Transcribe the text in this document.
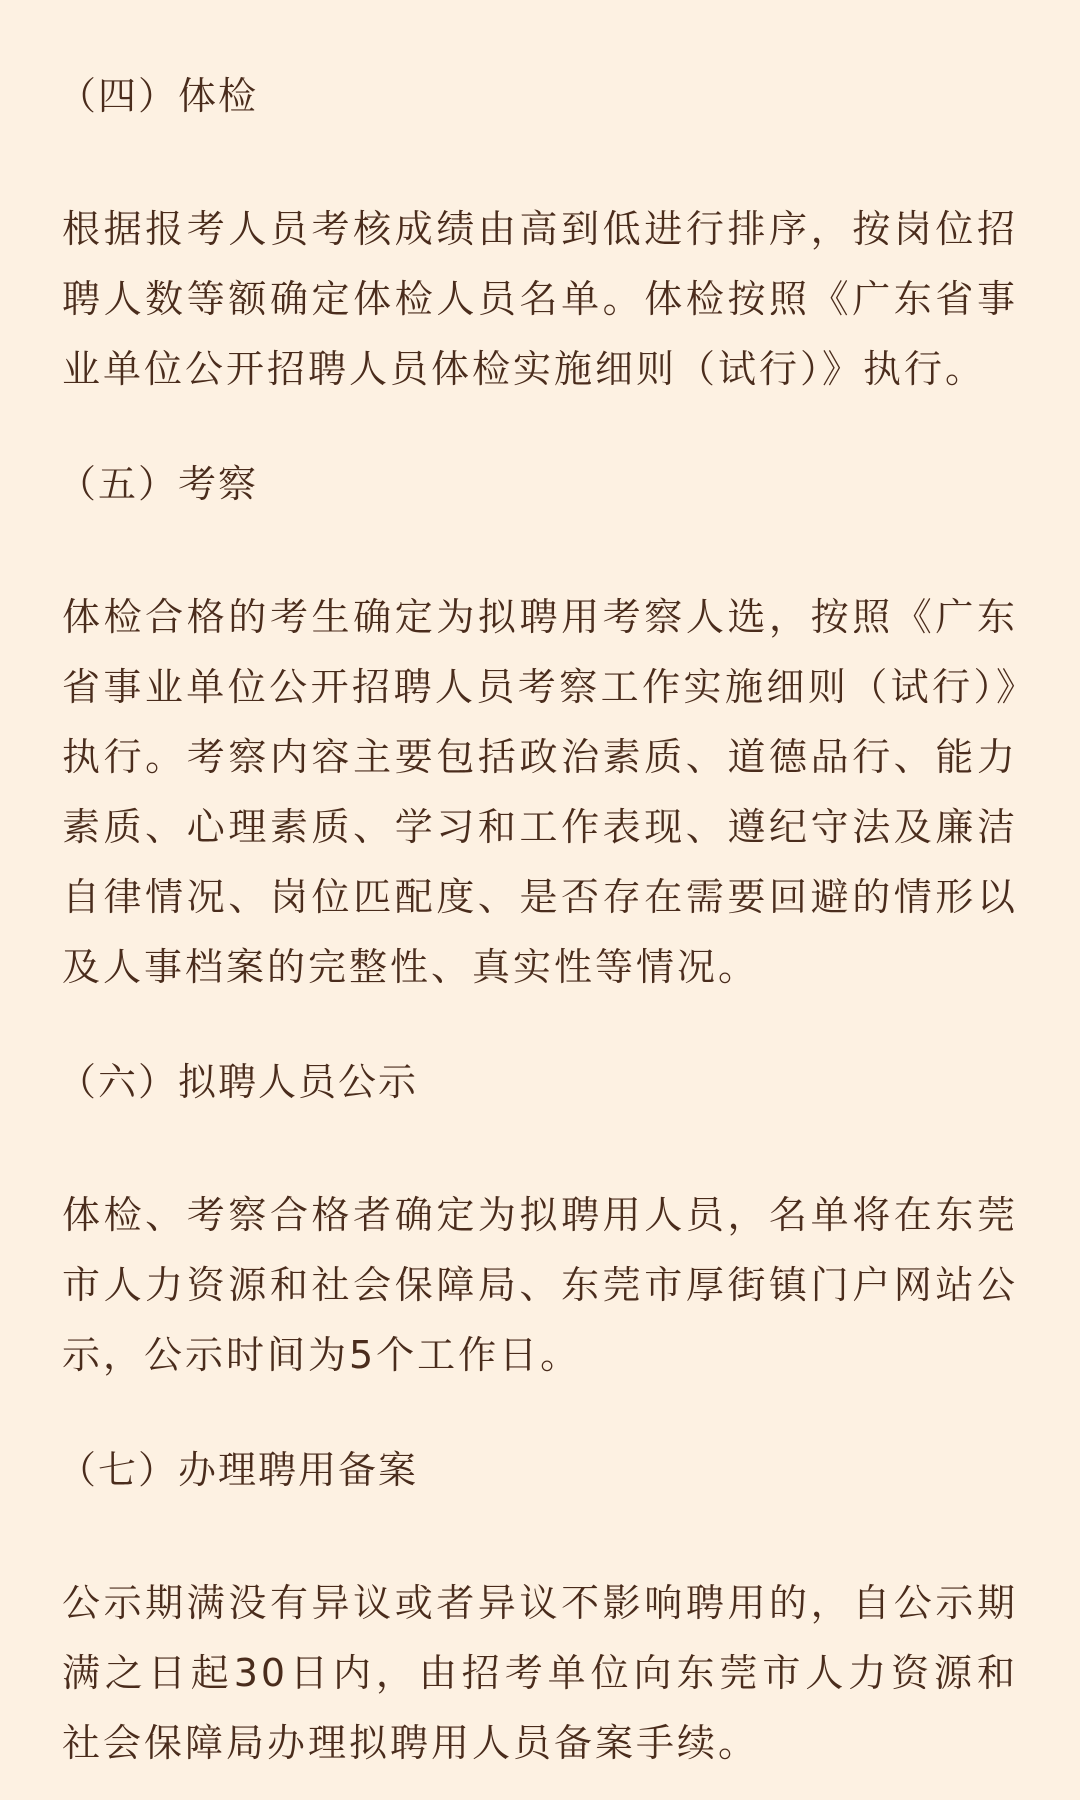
（四）体检

根据报考人员考核成绩由高到低进行排序，按岗位招聘人数等额确定体检人员名单。体检按照《广东省事业单位公开招聘人员体检实施细则（试行）》执行。

（五）考察

体检合格的考生确定为拟聘用考察人选，按照《广东省事业单位公开招聘人员考察工作实施细则（试行）》执行。考察内容主要包括政治素质、道德品行、能力素质、心理素质、学习和工作表现、遵纪守法及廉洁自律情况、岗位匹配度、是否存在需要回避的情形以及人事档案的完整性、真实性等情况。

（六）拟聘人员公示

体检、考察合格者确定为拟聘用人员，名单将在东莞市人力资源和社会保障局、东莞市厚街镇门户网站公示，公示时间为5个工作日。

（七）办理聘用备案

公示期满没有异议或者异议不影响聘用的，自公示期满之日起30日内，由招考单位向东莞市人力资源和社会保障局办理拟聘用人员备案手续。
